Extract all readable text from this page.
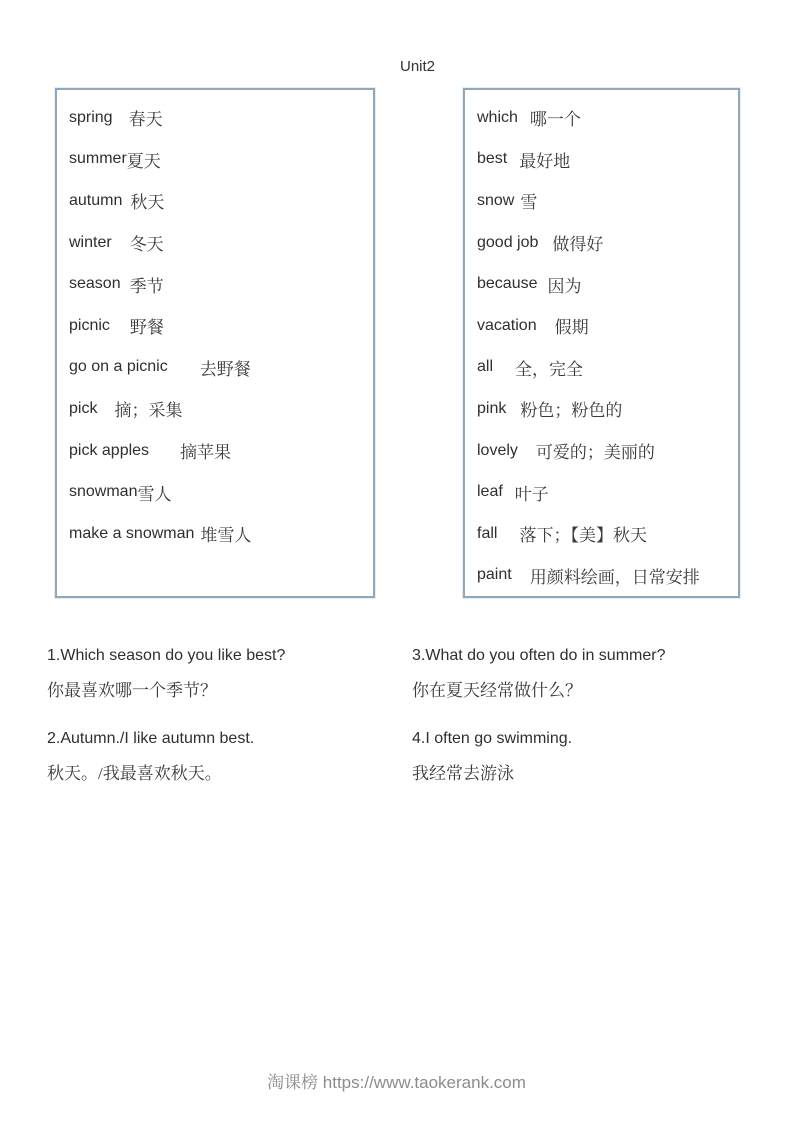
Unit2
spring 春天
summer 夏天
autumn 秋天
winter 冬天
season 季节
picnic 野餐
go on a picnic 去野餐
pick 摘；采集
pick apples 摘苹果
snowman 雪人
make a snowman 堆雪人
which 哪一个
best 最好地
snow 雪
good job 做得好
because 因为
vacation 假期
all 全，完全
pink 粉色；粉色的
lovely 可爱的；美丽的
leaf 叶子
fall 落下；【美】秋天
paint 用颜料绘画，日常安排
1.Which season do you like best?
你最喜欢哪一个季节？
2.Autumn./I like autumn best.
秋天。/我最喜欢秋天。
3.What do you often do in summer?
你在夏天经常做什么？
4.I often go swimming.
我经常去游泳
淘课榜 https://www.taokerank.com
